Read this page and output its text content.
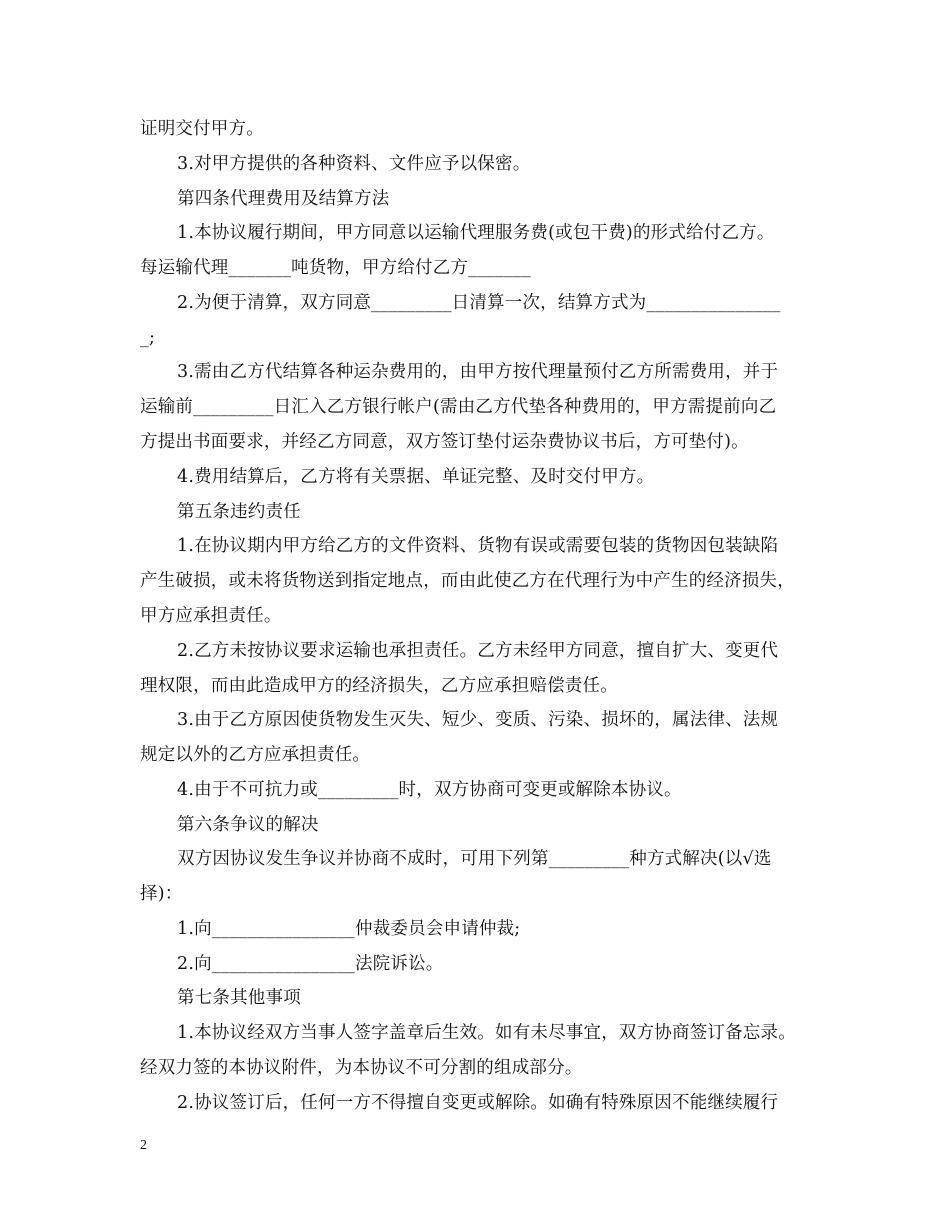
证明交付甲方。
3.对甲方提供的各种资料、文件应予以保密。
第四条代理费用及结算方法
1.本协议履行期间，甲方同意以运输代理服务费(或包干费)的形式给付乙方。
每运输代理_______吨货物，甲方给付乙方_______
2.为便于清算，双方同意_________日清算一次，结算方式为_______________
_;
3.需由乙方代结算各种运杂费用的，由甲方按代理量预付乙方所需费用，并于
运输前_________日汇入乙方银行帐户(需由乙方代垫各种费用的，甲方需提前向乙
方提出书面要求，并经乙方同意，双方签订垫付运杂费协议书后，方可垫付)。
4.费用结算后，乙方将有关票据、单证完整、及时交付甲方。
第五条违约责任
1.在协议期内甲方给乙方的文件资料、货物有误或需要包装的货物因包装缺陷
产生破损，或未将货物送到指定地点，而由此使乙方在代理行为中产生的经济损失，
甲方应承担责任。
2.乙方未按协议要求运输也承担责任。乙方未经甲方同意，擅自扩大、变更代
理权限，而由此造成甲方的经济损失，乙方应承担赔偿责任。
3.由于乙方原因使货物发生灭失、短少、变质、污染、损坏的，属法律、法规
规定以外的乙方应承担责任。
4.由于不可抗力或_________时，双方协商可变更或解除本协议。
第六条争议的解决
双方因协议发生争议并协商不成时，可用下列第_________种方式解决(以√选
择)：
1.向________________仲裁委员会申请仲裁;
2.向________________法院诉讼。
第七条其他事项
1.本协议经双方当事人签字盖章后生效。如有未尽事宜，双方协商签订备忘录。
经双力签的本协议附件，为本协议不可分割的组成部分。
2.协议签订后，任何一方不得擅自变更或解除。如确有特殊原因不能继续履行
2
